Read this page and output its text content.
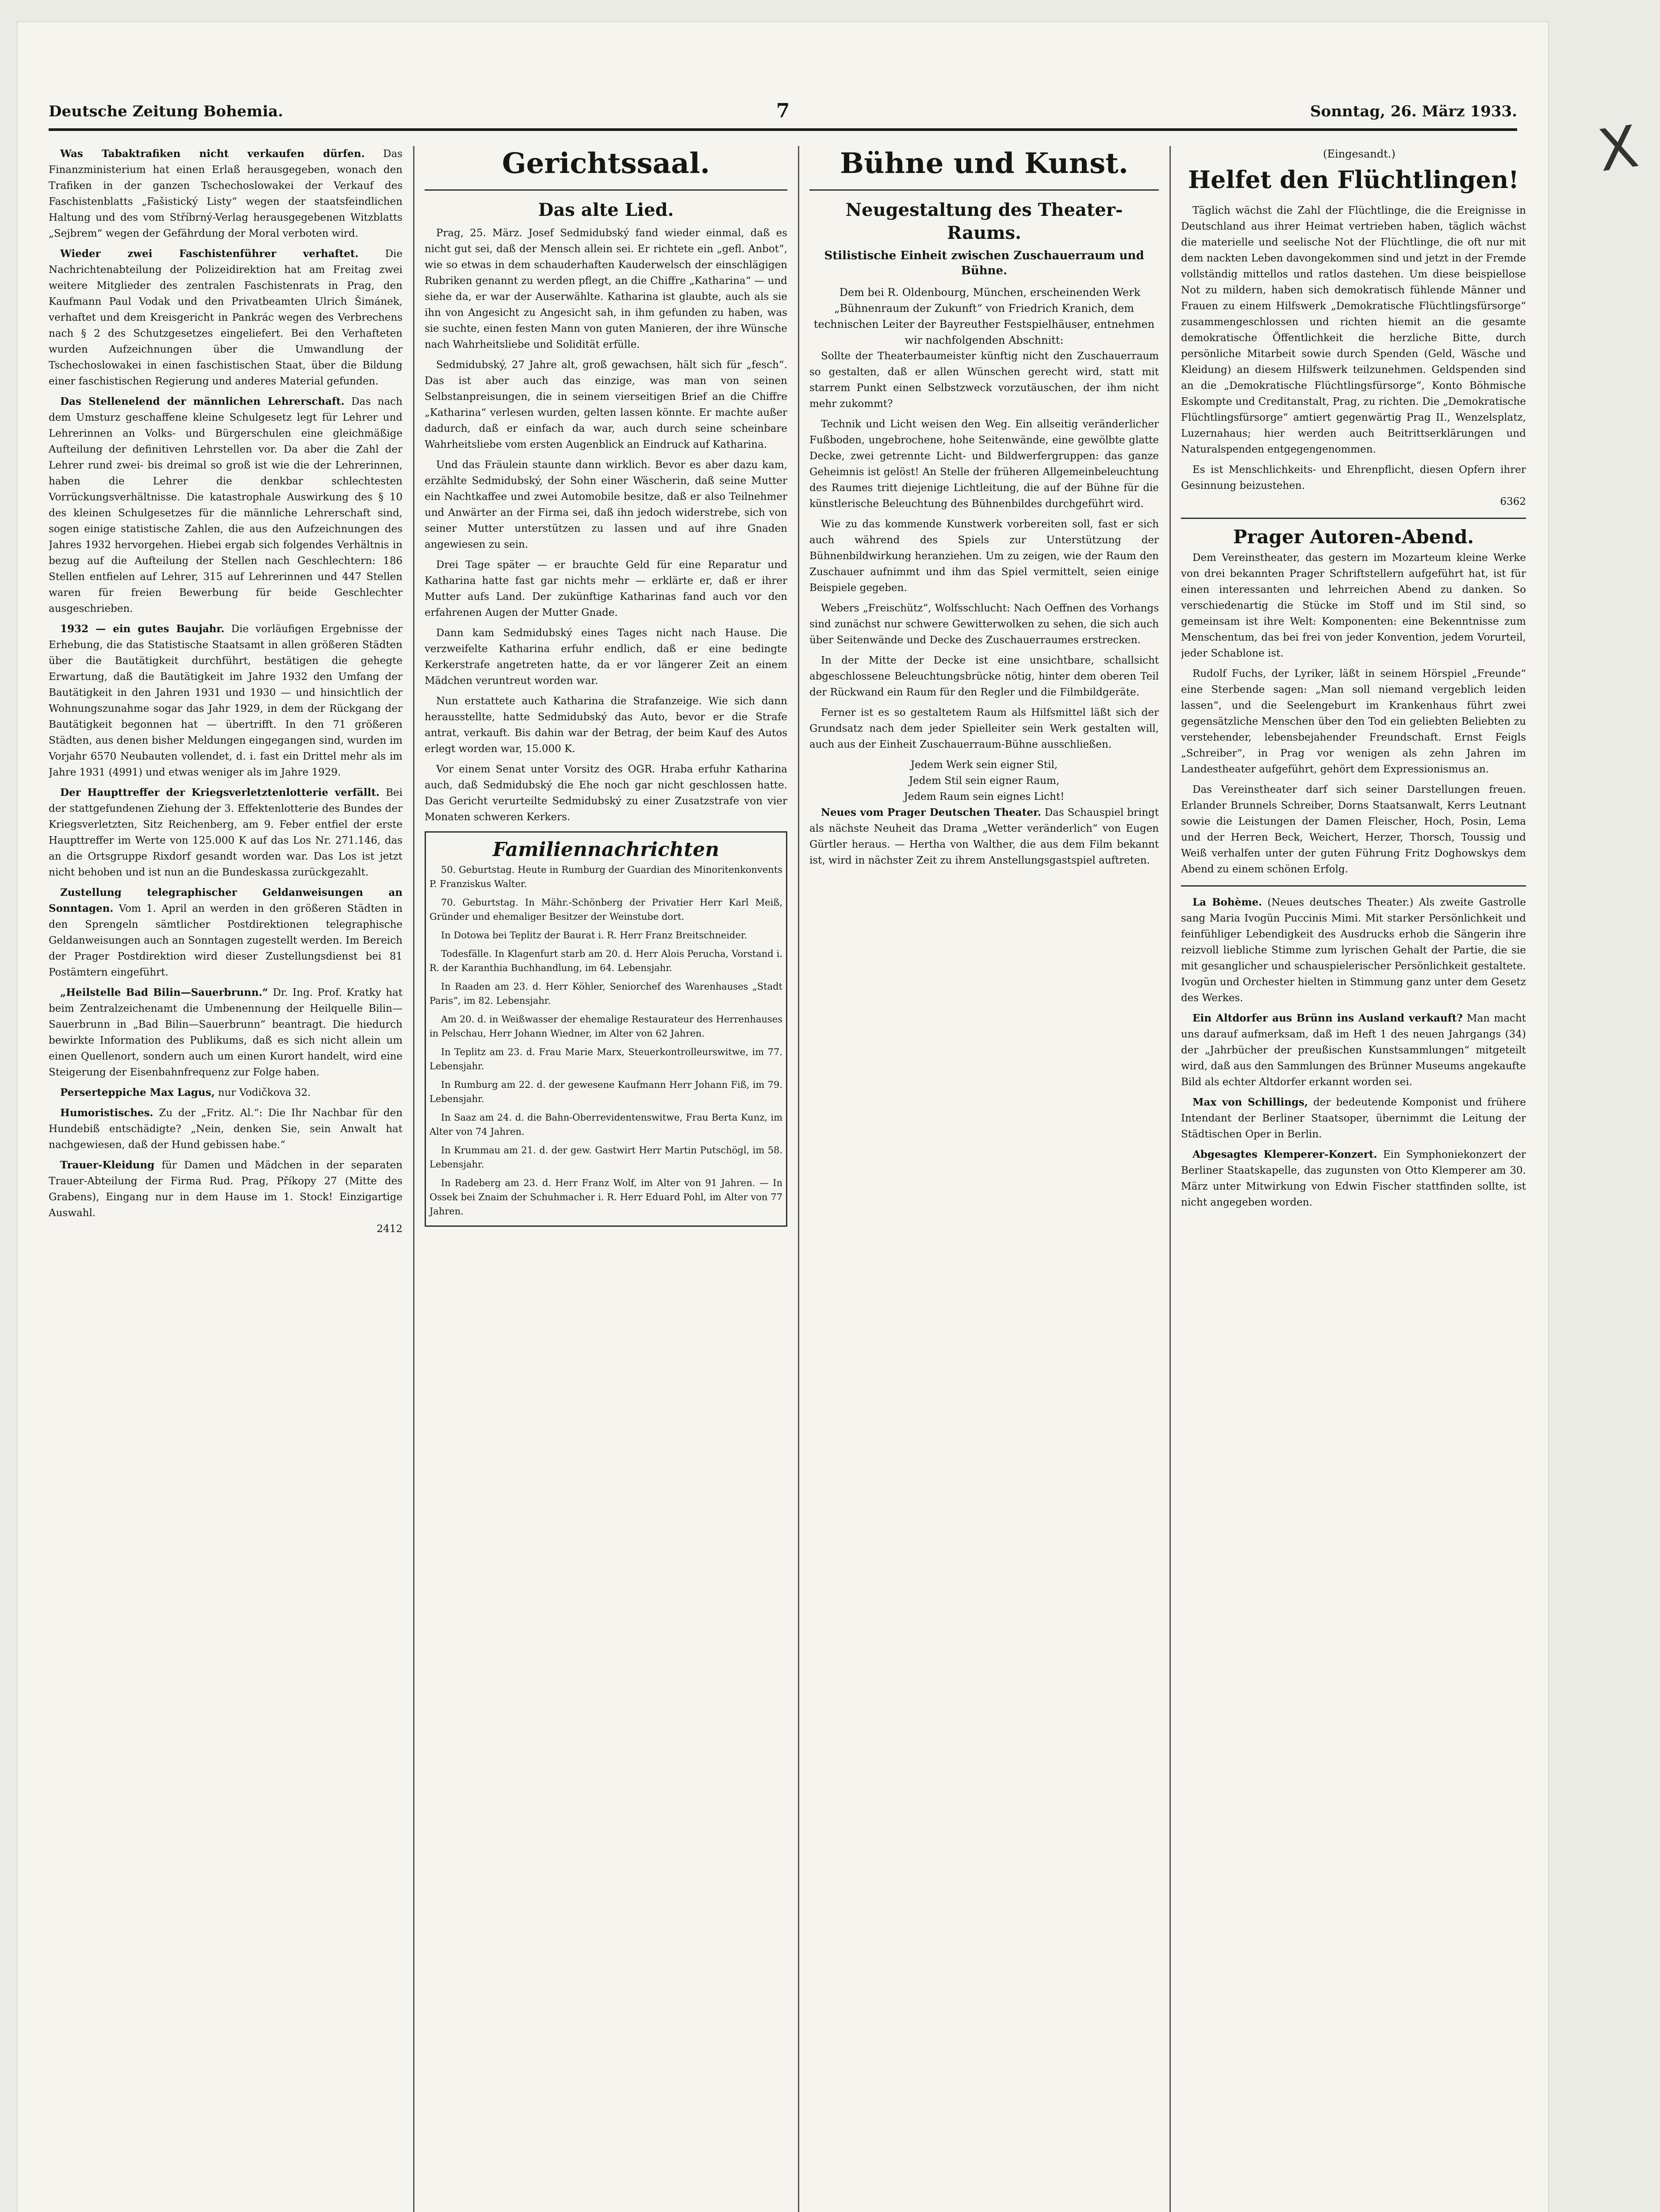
Deutsche Zeitung Bohemia.	7	Sonntag, 26. März 1933.

Was Tabaktrafiken nicht verkaufen dürfen. Das Finanzministerium hat einen Erlaß herausgegeben, wonach den Trafiken in der ganzen Tschechoslowakei der Verkauf des Faschistenblatts „Fašistický Listy“ wegen der staatsfeindlichen Haltung und des vom Stříbrný-Verlag herausgegebenen Witzblatts „Sejbrem“ wegen der Gefährdung der Moral verboten wird.

Wieder zwei Faschistenführer verhaftet.	Die Nachrichtenabteilung der Polizeidirektion hat am Freitag zwei weitere Mitglieder des zentralen Faschistenrats in Prag, den Kaufmann Paul Vodak und den Privatbeamten Ulrich Šimánek, verhaftet und dem Kreisgericht in Pankrác wegen des Verbrechens nach § 2 des Schutzgesetzes eingeliefert. Bei den Verhafteten wurden Aufzeichnungen über die Umwandlung der Tschechoslowakei in einen faschistischen Staat, über die Bildung einer faschistischen Regierung und anderes Material gefunden.

Das Stellenelend der männlichen Lehrerschaft. Das nach dem Umsturz geschaffene kleine Schulgesetz legt für Lehrer und Lehrerinnen an Volks- und Bürgerschulen eine gleichmäßige Aufteilung der definitiven Lehrstellen vor. Da aber die Zahl der Lehrer rund zwei- bis dreimal so groß ist wie die der Lehrerinnen, haben die Lehrer die denkbar schlechtesten Vorrückungsverhältnisse. Die katastrophale Auswirkung des § 10 des kleinen Schulgesetzes für die männliche Lehrerschaft sind, sogen einige statistische Zahlen, die aus den Aufzeichnungen des Jahres 1932 hervorgehen. Hiebei ergab sich folgendes Verhältnis in bezug auf die Aufteilung der Stellen nach Geschlechtern: 186 Stellen entfielen auf Lehrer, 315 auf Lehrerinnen und 447 Stellen waren für freien Bewerbung für beide Geschlechter ausgeschrieben.

1932 — ein gutes Baujahr. Die vorläufigen Ergebnisse der Erhebung, die das Statistische Staatsamt in allen größeren Städten über die Bautätigkeit durchführt, bestätigen die gehegte Erwartung, daß die Bautätigkeit im Jahre 1932 den Umfang der Bautätigkeit in den Jahren 1931 und 1930 — und hinsichtlich der Wohnungszunahme sogar das Jahr 1929, in dem der Rückgang der Bautätigkeit begonnen hat — übertrifft. In den 71 größeren Städten, aus denen bisher Meldungen eingegangen sind, wurden im Vorjahr 6570 Neubauten vollendet, d. i. fast ein Drittel mehr als im Jahre 1931 (4991) und etwas weniger als im Jahre 1929.

Der Haupttreffer der Kriegsverletztenlotterie verfällt. Bei der stattgefundenen Ziehung der 3. Effektenlotterie des Bundes der Kriegsverletzten, Sitz Reichenberg, am 9. Feber entfiel der erste Haupttreffer im Werte von 125.000 K auf das Los Nr. 271.146, das an die Ortsgruppe Rixdorf gesandt worden war. Das Los ist jetzt nicht behoben und ist nun an die Bundeskassa zurückgezahlt.

Zustellung telegraphischer Geldanweisungen an Sonntagen. Vom 1. April an werden in den größeren Städten in den Sprengeln sämtlicher Postdirektionen telegraphische Geldanweisungen auch an Sonntagen zugestellt werden. Im Bereich der Prager Postdirektion wird dieser Zustellungsdienst bei 81 Postämtern eingeführt.

„Heilstelle Bad Bilin—Sauerbrunn.“ Dr. Ing. Prof. Kratky hat beim Zentralzeichenamt die Umbenennung der Heilquelle Bilin—Sauerbrunn in „Bad Bilin—Sauerbrunn“ beantragt. Die hiedurch bewirkte Information des Publikums, daß es sich nicht allein um einen Quellenort, sondern auch um einen Kurort handelt, wird eine Steigerung der Eisenbahnfrequenz zur Folge haben.

Perserteppiche Max Lagus, nur Vodičkova 32.

Humoristisches. Zu der „Fritz. Al.“: Die Ihr Nachbar für den Hundebiß entschädigte? „Nein, denken Sie, sein Anwalt hat nachgewiesen, daß der Hund gebissen habe.“

Trauer-Kleidung für Damen und Mädchen in der separaten Trauer-Abteilung der Firma Rud. Prag, Příkopy 27 (Mitte des Grabens), Eingang nur in dem Hause im 1. Stock! Einzigartige Auswahl.

2412

Gerichtssaal.
Das alte Lied.

Prag, 25. März. Josef Sedmidubský fand wieder einmal, daß es nicht gut sei, daß der Mensch allein sei. Er richtete ein „gefl. Anbot“, wie so etwas in dem schauderhaften Kauderwelsch der einschlägigen Rubriken genannt zu werden pflegt, an die Chiffre „Katharina“ — und siehe da, er war der Auserwählte. Katharina ist glaubte, auch als sie ihn von Angesicht zu Angesicht sah, in ihm gefunden zu haben, was sie suchte, einen festen Mann von guten Manieren, der ihre Wünsche nach Wahrheitsliebe und Solidität erfülle.

Sedmidubský, 27 Jahre alt, groß gewachsen, hält sich für „fesch“. Das ist aber auch das einzige, was man von seinen Selbstanpreisungen, die in seinem vierseitigen Brief an die Chiffre „Katharina“ verlesen wurden, gelten lassen könnte. Er machte außer dadurch, daß er einfach da war, auch durch seine scheinbare Wahrheitsliebe vom ersten Augenblick an Eindruck auf Katharina.

Und das Fräulein staunte dann wirklich. Bevor es aber dazu kam, erzählte Sedmidubský, der Sohn einer Wäscherin, daß seine Mutter ein Nachtkaffee und zwei Automobile besitze, daß er also Teilnehmer und Anwärter an der Firma sei, daß ihn jedoch widerstrebe, sich von seiner Mutter unterstützen zu lassen und auf ihre Gnaden angewiesen zu sein.

Drei Tage später — er brauchte Geld für eine Reparatur und Katharina hatte fast gar nichts mehr — erklärte er, daß er ihrer Mutter aufs Land. Der zukünftige Katharinas fand auch vor den erfahrenen Augen der Mutter Gnade.

Dann kam Sedmidubský eines Tages nicht nach Hause. Die verzweifelte Katharina erfuhr endlich, daß er eine bedingte Kerkerstrafe angetreten hatte, da er vor längerer Zeit an einem Mädchen veruntreut worden war.

Nun erstattete auch Katharina die Strafanzeige. Wie sich dann herausstellte, hatte Sedmidubský das Auto, bevor er die Strafe antrat, verkauft. Bis dahin war der Betrag, der beim Kauf des Autos erlegt worden war, 15.000 K.

Vor einem Senat unter Vorsitz des OGR. Hraba erfuhr Katharina auch, daß Sedmidubský die Ehe noch gar nicht geschlossen hatte. Das Gericht verurteilte Sedmidubský zu einer Zusatzstrafe von vier Monaten schweren Kerkers.

Familiennachrichten

50. Geburtstag. Heute in Rumburg der Guardian des Minoritenkonvents P. Franziskus Walter.

70. Geburtstag. In Mähr.-Schönberg der Privatier Herr Karl Meiß, Gründer und ehemaliger Besitzer der Weinstube dort.

In Dotowa bei Teplitz der Baurat i. R. Herr Franz Breitschneider.

Todesfälle. In Klagenfurt starb am 20. d. Herr Alois Perucha, Vorstand i. R. der Karanthia Buchhandlung, im 64. Lebensjahr.

In Raaden am 23. d. Herr Köhler, Seniorchef des Warenhauses „Stadt Paris“, im 82. Lebensjahr.

Am 20. d. in Weißwasser der ehemalige Restaurateur des Herrenhauses in Pelschau, Herr Johann Wiedner, im Alter von 62 Jahren.

In Teplitz am 23. d. Frau Marie Marx, Steuerkontrolleurswitwe, im 77. Lebensjahr.

In Rumburg am 22. d. der gewesene Kaufmann Herr Johann Fiß, im 79. Lebensjahr.

In Saaz am 24. d. die Bahn-Oberrevidentenswitwe, Frau Berta Kunz, im Alter von 74 Jahren.

In Krummau am 21. d. der gew. Gastwirt Herr Martin Putschögl, im 58. Lebensjahr.

In Radeberg am 23. d. Herr Franz Wolf, im Alter von 91 Jahren. — In Ossek bei Znaim der Schuhmacher i. R. Herr Eduard Pohl, im Alter von 77 Jahren.

Bühne und Kunst.
Neugestaltung des Theater-Raums.
Stilistische Einheit zwischen Zuschauerraum und Bühne.

Dem bei R. Oldenbourg, München, erscheinenden Werk „Bühnenraum der Zukunft“ von Friedrich Kranich, dem technischen Leiter der Bayreuther Festspielhäuser, entnehmen wir nachfolgenden Abschnitt:

Sollte der Theaterbaumeister künftig nicht den Zuschauerraum so gestalten, daß er allen Wünschen gerecht wird, statt mit starrem Punkt einen Selbstzweck vorzutäuschen, der ihm nicht mehr zukommt?

Technik und Licht weisen den Weg. Ein allseitig veränderlicher Fußboden, ungebrochene, hohe Seitenwände, eine gewölbte glatte Decke, zwei getrennte Licht- und Bildwerfergruppen: das ganze Geheimnis ist gelöst! An Stelle der früheren Allgemeinbeleuchtung des Raumes tritt diejenige Lichtleitung, die auf der Bühne für die künstlerische Beleuchtung des Bühnenbildes durchgeführt wird.

Wie zu das kommende Kunstwerk vorbereiten soll, fast er sich auch während des Spiels zur Unterstützung der Bühnenbildwirkung heranziehen. Um zu zeigen, wie der Raum den Zuschauer aufnimmt und ihm das Spiel vermittelt, seien einige Beispiele gegeben.

Webers „Freischütz“, Wolfsschlucht: Nach Oeffnen des Vorhangs sind zunächst nur schwere Gewitterwolken zu sehen, die sich auch über Seitenwände und Decke des Zuschauerraumes erstrecken.

In der Mitte der Decke ist eine unsichtbare, schallsicht abgeschlossene Beleuchtungsbrücke nötig, hinter dem oberen Teil der Rückwand ein Raum für den Regler und die Filmbildgeräte.

Ferner ist es so gestaltetem Raum als Hilfsmittel läßt sich der Grundsatz nach dem jeder Spielleiter sein Werk gestalten will, auch aus der Einheit Zuschauerraum-Bühne ausschließen.

Jedem Werk sein eigner Stil,

Jedem Stil sein eigner Raum,

Jedem Raum sein eignes Licht!

Neues vom Prager Deutschen Theater. Das Schauspiel bringt als nächste Neuheit das Drama „Wetter veränderlich“ von Eugen Gürtler heraus. — Hertha von Walther, die aus dem Film bekannt ist, wird in nächster Zeit zu ihrem Anstellungsgastspiel auftreten.

(Eingesandt.)

Helfet den Flüchtlingen!

Täglich wächst die Zahl der Flüchtlinge, die die Ereignisse in Deutschland aus ihrer Heimat vertrieben haben, täglich wächst die materielle und seelische Not der Flüchtlinge, die oft nur mit dem nackten Leben davongekommen sind und jetzt in der Fremde vollständig mittellos und ratlos dastehen. Um diese beispiellose Not zu mildern, haben sich demokratisch fühlende Männer und Frauen zu einem Hilfswerk „Demokratische Flüchtlingsfürsorge“ zusammengeschlossen und richten hiemit an die gesamte demokratische Öffentlichkeit die herzliche Bitte, durch persönliche Mitarbeit sowie durch Spenden (Geld, Wäsche und Kleidung) an diesem Hilfswerk teilzunehmen. Geldspenden sind an die „Demokratische Flüchtlingsfürsorge“, Konto Böhmische Eskompte und Creditanstalt, Prag, zu richten. Die „Demokratische Flüchtlingsfürsorge“ amtiert gegenwärtig Prag II., Wenzelsplatz, Luzernahaus; hier werden auch Beitrittserklärungen und Naturalspenden entgegengenommen.

Es ist Menschlichkeits- und Ehrenpflicht, diesen Opfern ihrer Gesinnung beizustehen.

6362

Prager Autoren-Abend.

Dem Vereinstheater, das gestern im Mozarteum kleine Werke von drei bekannten Prager Schriftstellern aufgeführt hat, ist für einen interessanten und lehrreichen Abend zu danken. So verschiedenartig die Stücke im Stoff und im Stil sind, so gemeinsam ist ihre Welt: Komponenten: eine Bekenntnisse zum Menschentum, das bei frei von jeder Konvention, jedem Vorurteil, jeder Schablone ist.

Rudolf Fuchs, der Lyriker, läßt in seinem Hörspiel „Freunde“ eine Sterbende sagen: „Man soll niemand vergeblich leiden lassen“, und die Seelengeburt im Krankenhaus führt zwei gegensätzliche Menschen über den Tod ein geliebten Beliebten zu verstehender, lebensbejahender Freundschaft. Ernst Feigls „Schreiber“, in Prag vor wenigen als zehn Jahren im Landestheater aufgeführt, gehört dem Expressionismus an.

Das Vereinstheater darf sich seiner Darstellungen freuen. Erlander Brunnels Schreiber, Dorns Staatsanwalt, Kerrs Leutnant sowie die Leistungen der Damen Fleischer, Hoch, Posin, Lema und der Herren Beck, Weichert, Herzer, Thorsch, Toussig und Weiß verhalfen unter der guten Führung Fritz Doghowskys dem Abend zu einem schönen Erfolg.

La Bohème. (Neues deutsches Theater.) Als zweite Gastrolle sang Maria Ivogün Puccinis Mimi. Mit starker Persönlichkeit und feinfühliger Lebendigkeit des Ausdrucks erhob die Sängerin ihre reizvoll liebliche Stimme zum lyrischen Gehalt der Partie, die sie mit gesanglicher und schauspielerischer Persönlichkeit gestaltete. Ivogün und Orchester hielten in Stimmung ganz unter dem Gesetz des Werkes.

Ein Altdorfer aus Brünn ins Ausland verkauft? Man macht uns darauf aufmerksam, daß im Heft 1 des neuen Jahrgangs (34) der „Jahrbücher der preußischen Kunstsammlungen“ mitgeteilt wird, daß aus den Sammlungen des Brünner Museums angekaufte Bild als echter Altdorfer erkannt worden sei.

Max von Schillings, der bedeutende Komponist und frühere Intendant der Berliner Staatsoper, übernimmt die Leitung der Städtischen Oper in Berlin.

Abgesagtes Klemperer-Konzert. Ein Symphoniekonzert der Berliner Staatskapelle, das zugunsten von Otto Klemperer am 30. März unter Mitwirkung von Edwin Fischer stattfinden sollte, ist nicht angegeben worden.

X
